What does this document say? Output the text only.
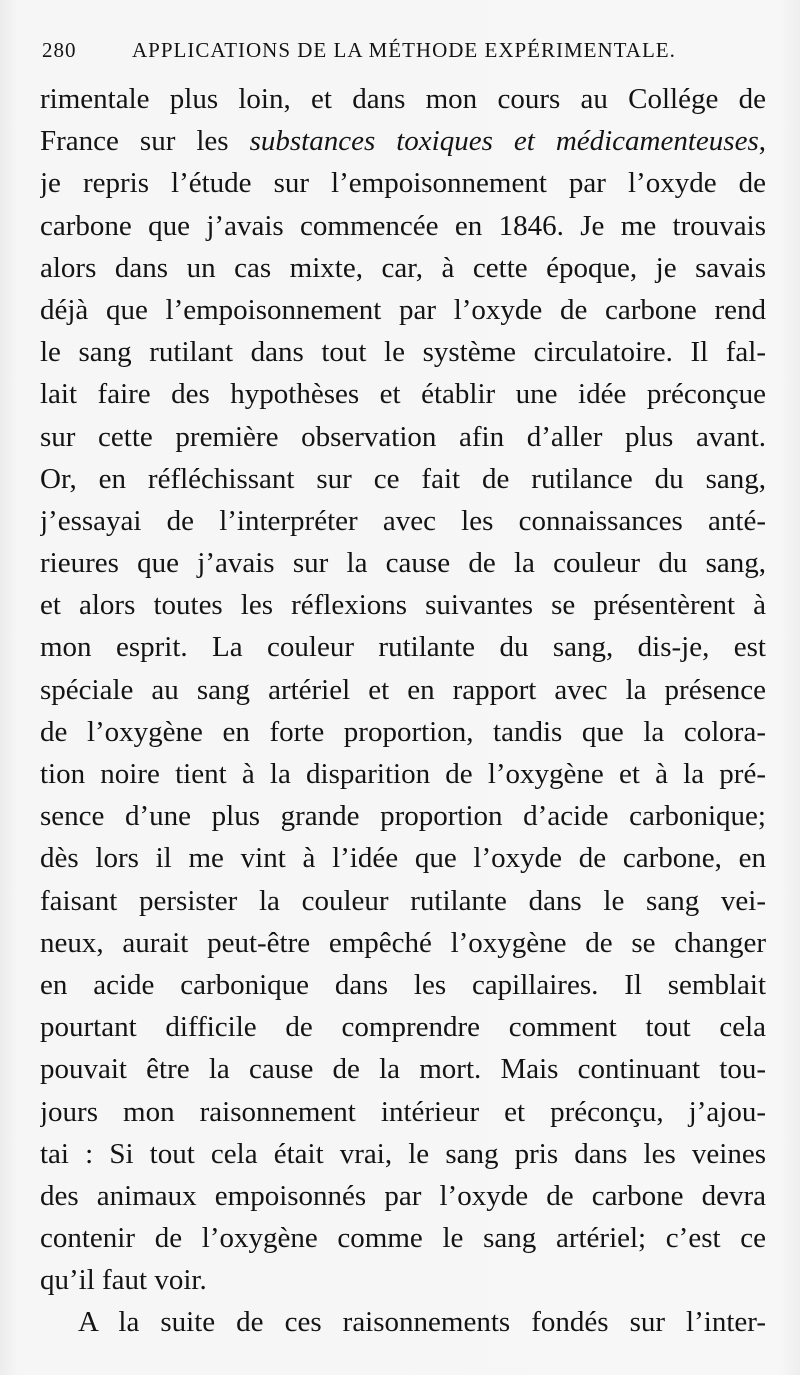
280	APPLICATIONS DE LA MÉTHODE EXPÉRIMENTALE.
rimentale plus loin, et dans mon cours au Collége de
France sur les substances toxiques et médicamenteuses,
je repris l’étude sur l’empoisonnement par l’oxyde de
carbone que j’avais commencée en 1846. Je me trouvais
alors dans un cas mixte, car, à cette époque, je savais
déjà que l’empoisonnement par l’oxyde de carbone rend
le sang rutilant dans tout le système circulatoire. Il fal-
lait faire des hypothèses et établir une idée préconçue
sur cette première observation afin d’aller plus avant.
Or, en réfléchissant sur ce fait de rutilance du sang,
j’essayai de l’interpréter avec les connaissances anté-
rieures que j’avais sur la cause de la couleur du sang,
et alors toutes les réflexions suivantes se présentèrent à
mon esprit. La couleur rutilante du sang, dis-je, est
spéciale au sang artériel et en rapport avec la présence
de l’oxygène en forte proportion, tandis que la colora-
tion noire tient à la disparition de l’oxygène et à la pré-
sence d’une plus grande proportion d’acide carbonique;
dès lors il me vint à l’idée que l’oxyde de carbone, en
faisant persister la couleur rutilante dans le sang vei-
neux, aurait peut-être empêché l’oxygène de se changer
en acide carbonique dans les capillaires. Il semblait
pourtant difficile de comprendre comment tout cela
pouvait être la cause de la mort. Mais continuant tou-
jours mon raisonnement intérieur et préconçu, j’ajou-
tai : Si tout cela était vrai, le sang pris dans les veines
des animaux empoisonnés par l’oxyde de carbone devra
contenir de l’oxygène comme le sang artériel; c’est ce
qu’il faut voir.
A la suite de ces raisonnements fondés sur l’inter-
